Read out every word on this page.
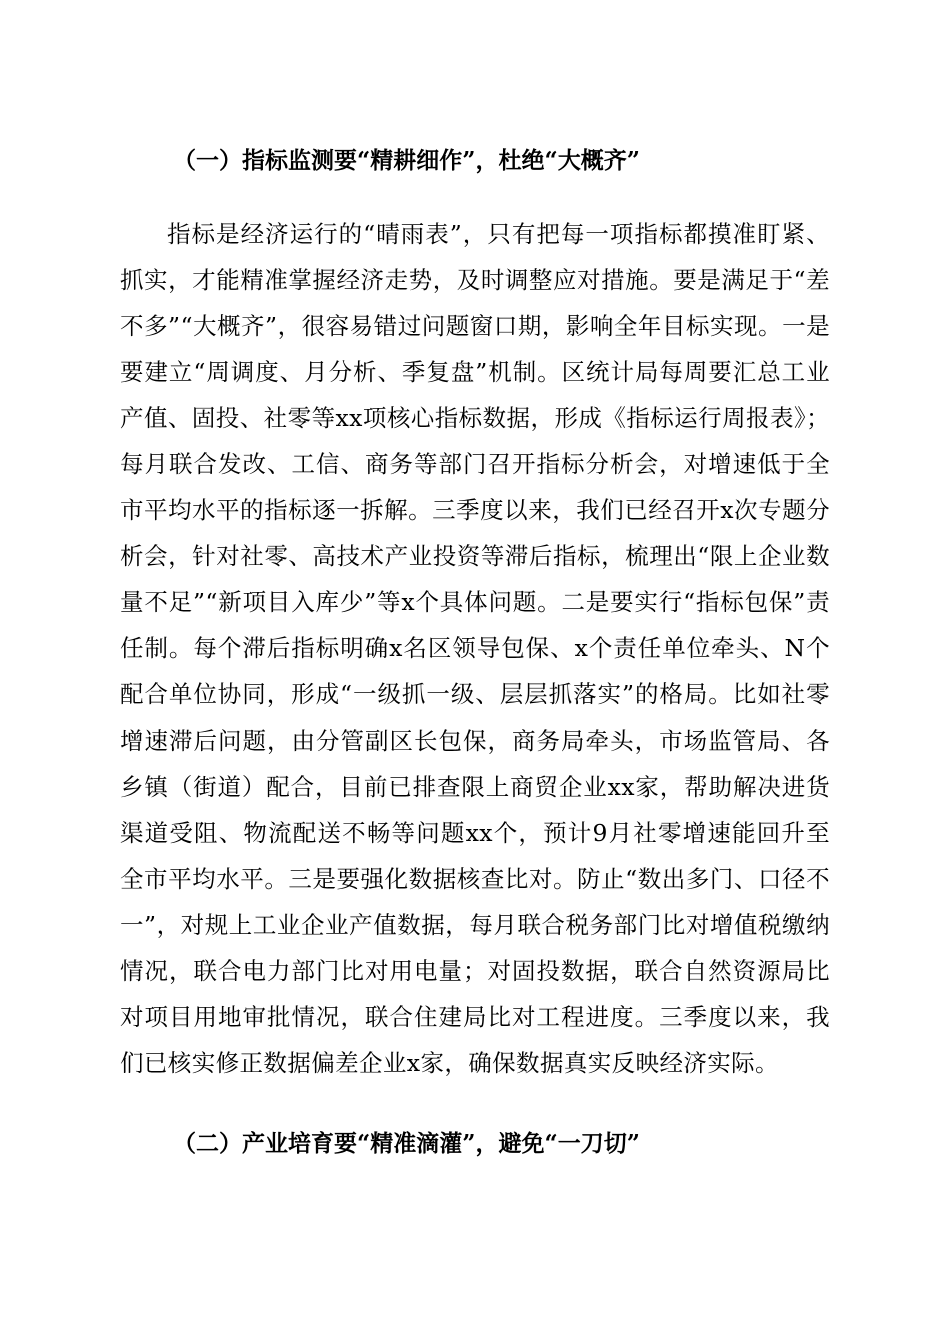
（一）指标监测要“精耕细作”，杜绝“大概齐”

指标是经济运行的“晴雨表”，只有把每一项指标都摸准盯紧、抓实，才能精准掌握经济走势，及时调整应对措施。要是满足于“差不多”“大概齐”，很容易错过问题窗口期，影响全年目标实现。一是要建立“周调度、月分析、季复盘”机制。区统计局每周要汇总工业产值、固投、社零等xx项核心指标数据，形成《指标运行周报表》；每月联合发改、工信、商务等部门召开指标分析会，对增速低于全市平均水平的指标逐一拆解。三季度以来，我们已经召开x次专题分析会，针对社零、高技术产业投资等滞后指标，梳理出“限上企业数量不足”“新项目入库少”等x个具体问题。二是要实行“指标包保”责任制。每个滞后指标明确x名区领导包保、x个责任单位牵头、N个配合单位协同，形成“一级抓一级、层层抓落实”的格局。比如社零增速滞后问题，由分管副区长包保，商务局牵头，市场监管局、各乡镇（街道）配合，目前已排查限上商贸企业xx家，帮助解决进货渠道受阻、物流配送不畅等问题xx个，预计9月社零增速能回升至全市平均水平。三是要强化数据核查比对。防止“数出多门、口径不一”，对规上工业企业产值数据，每月联合税务部门比对增值税缴纳情况，联合电力部门比对用电量；对固投数据，联合自然资源局比对项目用地审批情况，联合住建局比对工程进度。三季度以来，我们已核实修正数据偏差企业x家，确保数据真实反映经济实际。

（二）产业培育要“精准滴灌”，避免“一刀切”
